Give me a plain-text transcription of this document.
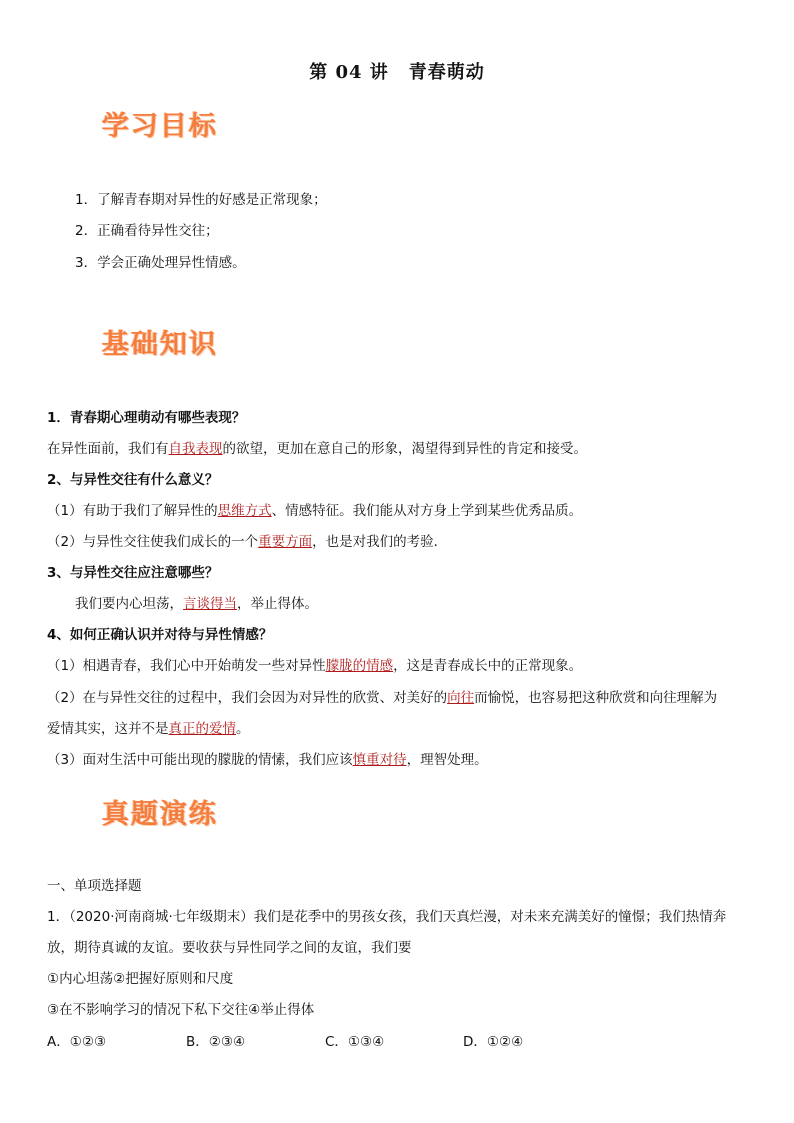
第 04 讲 青春萌动
学习目标
1．了解青春期对异性的好感是正常现象；
2．正确看待异性交往；
3．学会正确处理异性情感。
基础知识
1．青春期心理萌动有哪些表现？
在异性面前，我们有自我表现的欲望，更加在意自己的形象，渴望得到异性的肯定和接受。
2、与异性交往有什么意义？
（1）有助于我们了解异性的思维方式、情感特征。我们能从对方身上学到某些优秀品质。
（2）与异性交往使我们成长的一个重要方面，也是对我们的考验．
3、与异性交往应注意哪些？
我们要内心坦荡，言谈得当，举止得体。
4、如何正确认识并对待与异性情感？
（1）相遇青春，我们心中开始萌发一些对异性朦胧的情感，这是青春成长中的正常现象。
（2）在与异性交往的过程中，我们会因为对异性的欣赏、对美好的向往而愉悦，也容易把这种欣赏和向往理解为
爱情其实，这并不是真正的爱情。
（3）面对生活中可能出现的朦胧的情愫，我们应该慎重对待，理智处理。
真题演练
一、单项选择题
1．（2020·河南商城·七年级期末）我们是花季中的男孩女孩，我们天真烂漫，对未来充满美好的憧憬；我们热情奔
放，期待真诚的友谊。要收获与异性同学之间的友谊，我们要
①内心坦荡②把握好原则和尺度
③在不影响学习的情况下私下交往④举止得体
A．①②③	B．②③④	C．①③④	D．①②④
